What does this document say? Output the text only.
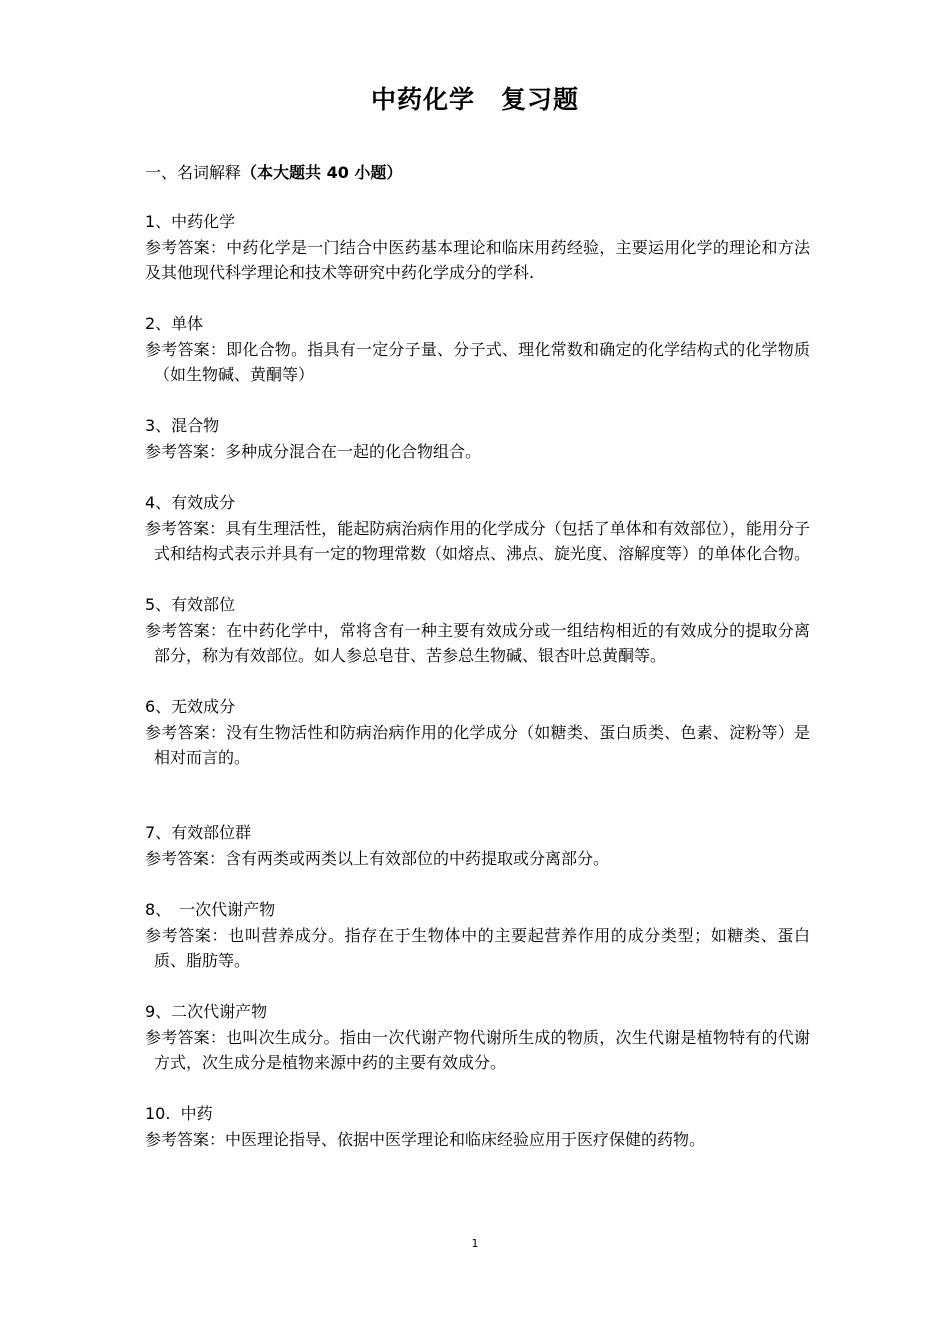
中药化学　复习题
一、名词解释（本大题共 40 小题）
1、中药化学
参考答案：中药化学是一门结合中医药基本理论和临床用药经验，主要运用化学的理论和方法及其他现代科学理论和技术等研究中药化学成分的学科.
2、单体
参考答案：即化合物。指具有一定分子量、分子式、理化常数和确定的化学结构式的化学物质　（如生物碱、黄酮等）
3、混合物
参考答案：多种成分混合在一起的化合物组合。
4、有效成分
参考答案：具有生理活性，能起防病治病作用的化学成分（包括了单体和有效部位），能用分子式和结构式表示并具有一定的物理常数（如熔点、沸点、旋光度、溶解度等）的单体化合物。
5、有效部位
参考答案：在中药化学中，常将含有一种主要有效成分或一组结构相近的有效成分的提取分离部分，称为有效部位。如人参总皂苷、苦参总生物碱、银杏叶总黄酮等。
6、无效成分
参考答案：没有生物活性和防病治病作用的化学成分（如糖类、蛋白质类、色素、淀粉等）是相对而言的。
7、有效部位群
参考答案：含有两类或两类以上有效部位的中药提取或分离部分。
8、　一次代谢产物
参考答案：也叫营养成分。指存在于生物体中的主要起营养作用的成分类型；如糖类、蛋白质、脂肪等。
9、二次代谢产物
参考答案：也叫次生成分。指由一次代谢产物代谢所生成的物质，次生代谢是植物特有的代谢方式，次生成分是植物来源中药的主要有效成分。
10.  中药
参考答案：中医理论指导、依据中医学理论和临床经验应用于医疗保健的药物。
1
